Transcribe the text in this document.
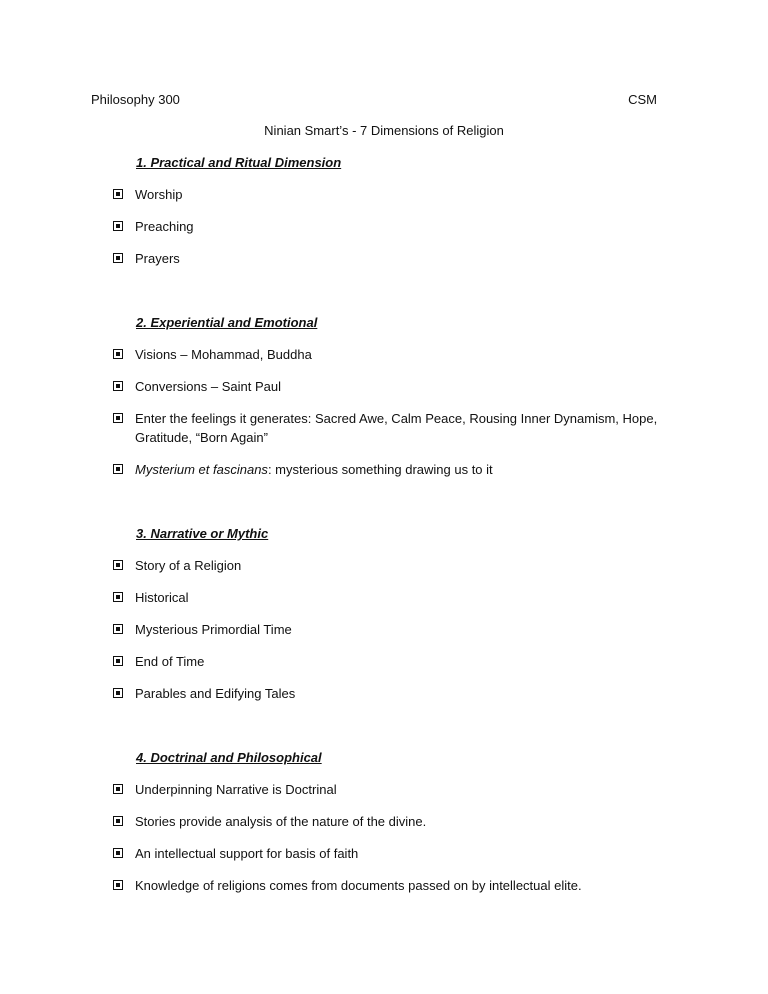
Philosophy 300	CSM
Ninian Smart’s - 7 Dimensions of Religion
1. Practical and Ritual Dimension
Worship
Preaching
Prayers
2. Experiential and Emotional
Visions – Mohammad, Buddha
Conversions – Saint Paul
Enter the feelings it generates: Sacred Awe, Calm Peace, Rousing Inner Dynamism, Hope, Gratitude, “Born Again”
Mysterium et fascinans: mysterious something drawing us to it
3. Narrative or Mythic
Story of a Religion
Historical
Mysterious Primordial Time
End of Time
Parables and Edifying Tales
4. Doctrinal and Philosophical
Underpinning Narrative is Doctrinal
Stories provide analysis of the nature of the divine.
An intellectual support for basis of faith
Knowledge of religions comes from documents passed on by intellectual elite.
